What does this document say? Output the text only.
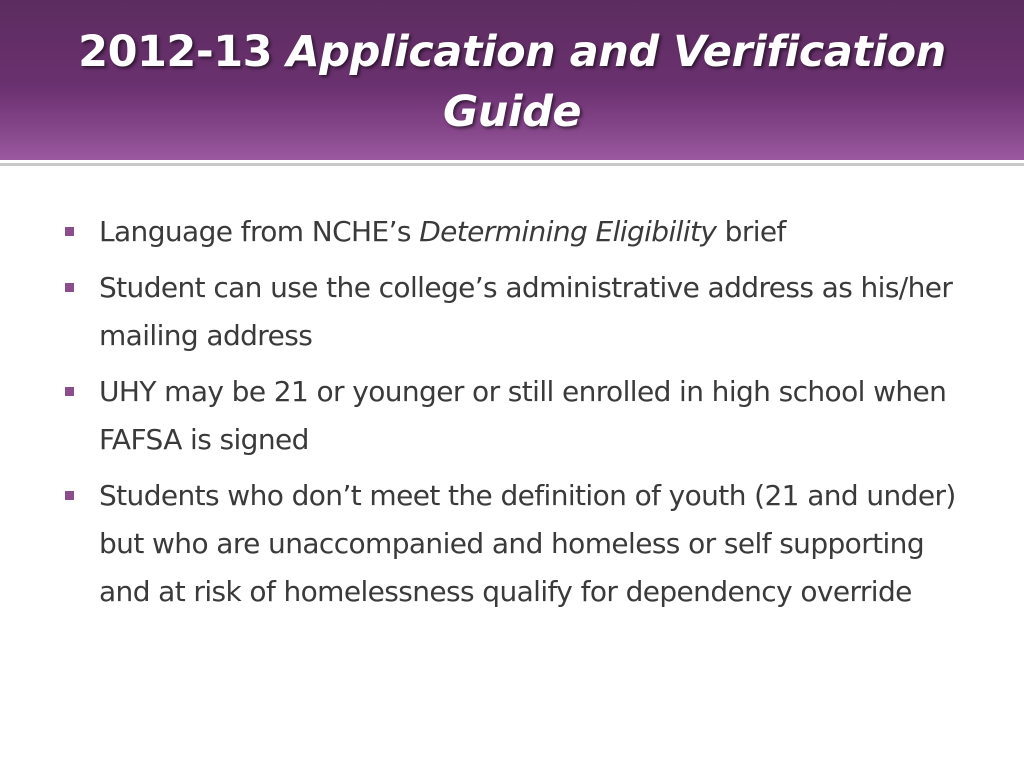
2012-13 Application and Verification Guide
Language from NCHE’s Determining Eligibility brief
Student can use the college’s administrative address as his/her mailing address
UHY may be 21 or younger or still enrolled in high school when FAFSA is signed
Students who don’t meet the definition of youth (21 and under) but who are unaccompanied and homeless or self supporting and at risk of homelessness qualify for dependency override
